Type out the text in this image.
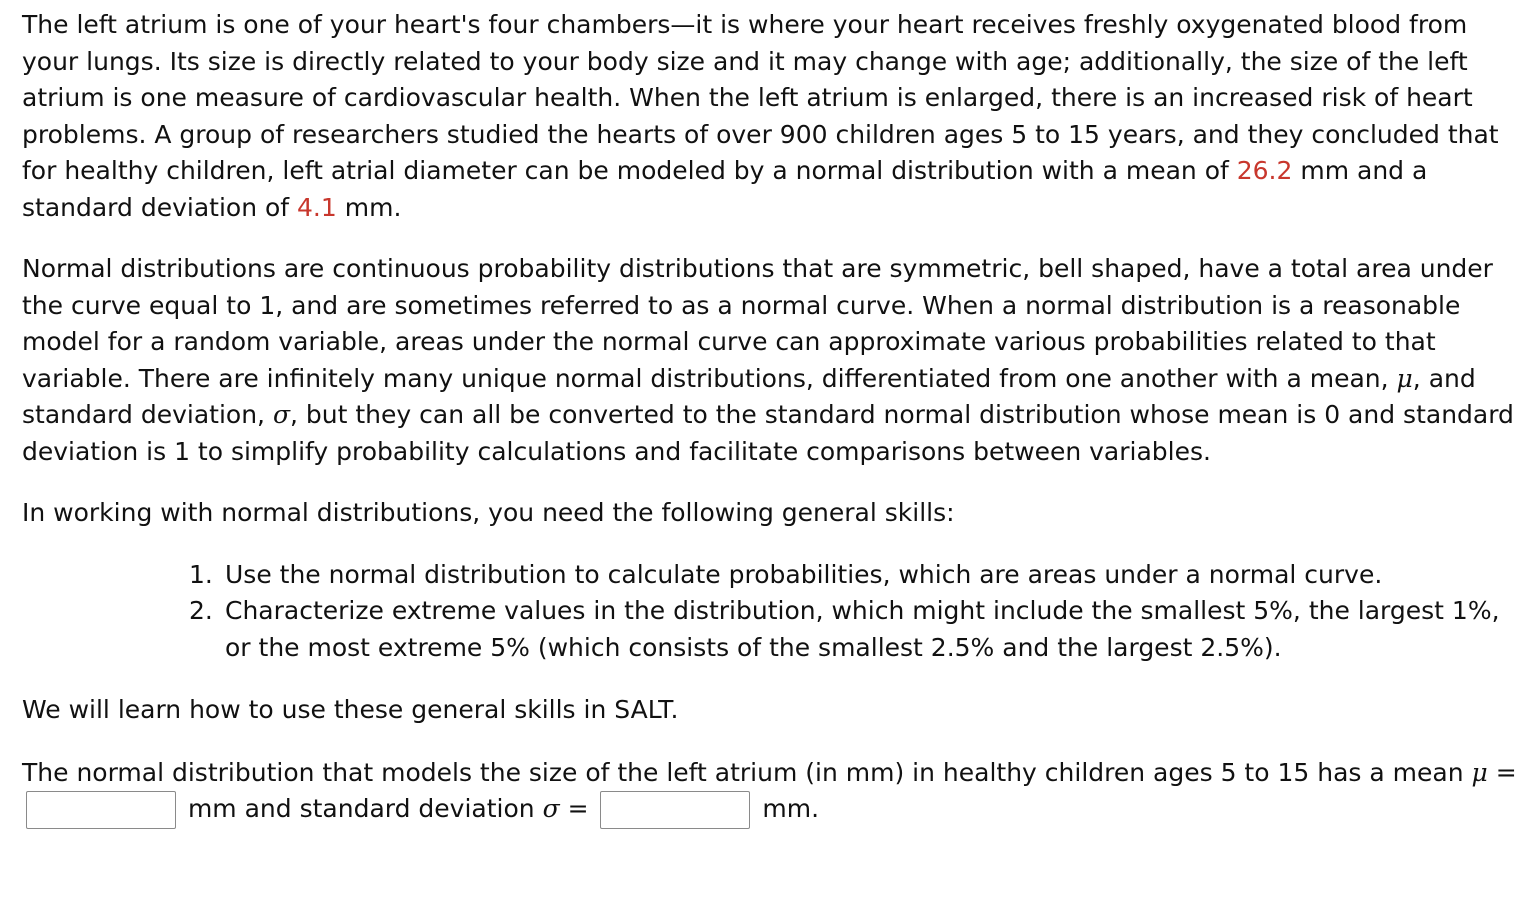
The left atrium is one of your heart's four chambers—it is where your heart receives freshly oxygenated blood from your lungs. Its size is directly related to your body size and it may change with age; additionally, the size of the left atrium is one measure of cardiovascular health. When the left atrium is enlarged, there is an increased risk of heart problems. A group of researchers studied the hearts of over 900 children ages 5 to 15 years, and they concluded that for healthy children, left atrial diameter can be modeled by a normal distribution with a mean of 26.2 mm and a standard deviation of 4.1 mm.

Normal distributions are continuous probability distributions that are symmetric, bell shaped, have a total area under the curve equal to 1, and are sometimes referred to as a normal curve. When a normal distribution is a reasonable model for a random variable, areas under the normal curve can approximate various probabilities related to that variable. There are infinitely many unique normal distributions, differentiated from one another with a mean, μ, and standard deviation, σ, but they can all be converted to the standard normal distribution whose mean is 0 and standard deviation is 1 to simplify probability calculations and facilitate comparisons between variables.

In working with normal distributions, you need the following general skills:

1. Use the normal distribution to calculate probabilities, which are areas under a normal curve.
2. Characterize extreme values in the distribution, which might include the smallest 5%, the largest 1%, or the most extreme 5% (which consists of the smallest 2.5% and the largest 2.5%).

We will learn how to use these general skills in SALT.

The normal distribution that models the size of the left atrium (in mm) in healthy children ages 5 to 15 has a mean μ =  mm and standard deviation σ =	mm.
